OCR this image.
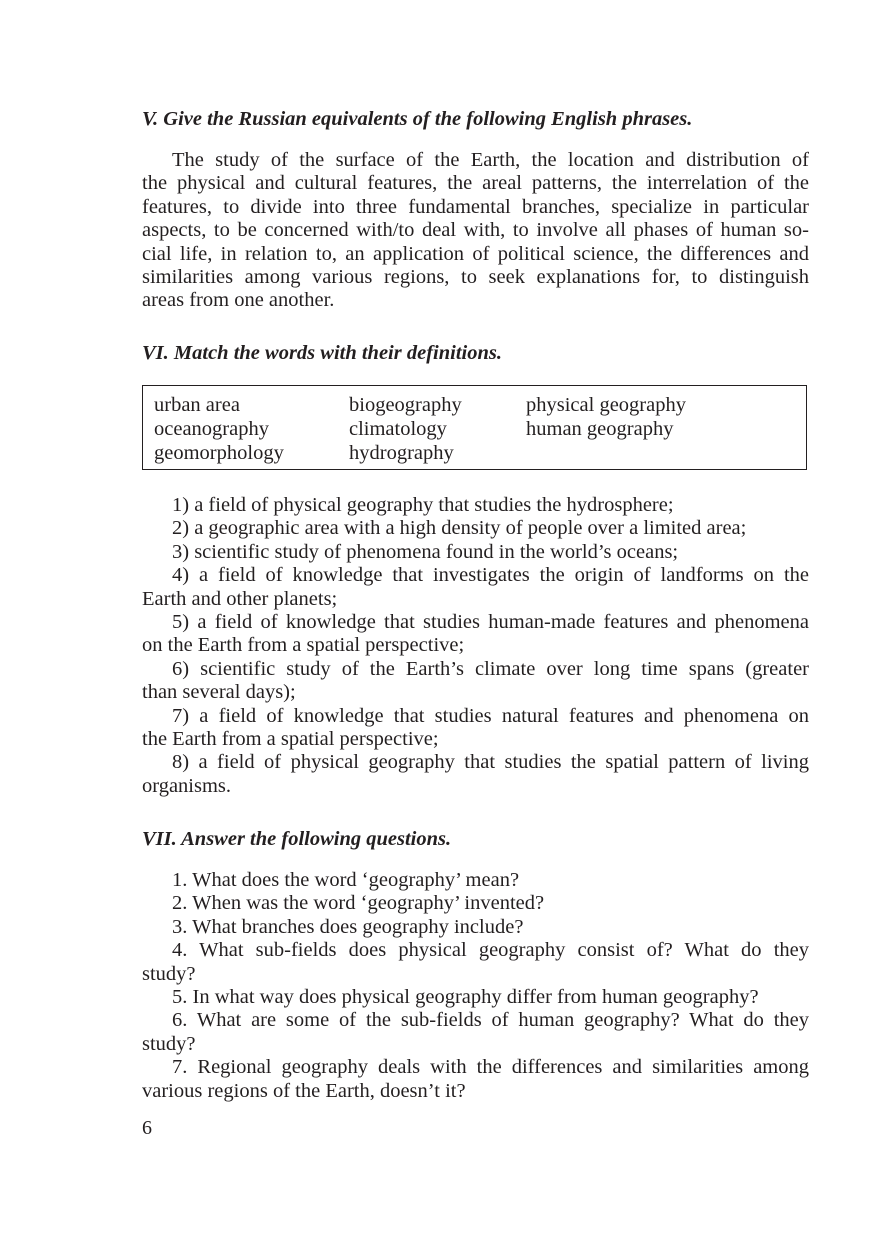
V. Give the Russian equivalents of the following English phrases.
The study of the surface of the Earth, the location and distribution of
the physical and cultural features, the areal patterns, the interrelation of the
features, to divide into three fundamental branches, specialize in particular
aspects, to be concerned with/to deal with, to involve all phases of human so-
cial life, in relation to, an application of political science, the differences and
similarities among various regions, to seek explanations for, to distinguish
areas from one another.
VI. Match the words with their definitions.
urban area
oceanography
geomorphology
biogeography
climatology
hydrography
physical geography
human geography
1) a field of physical geography that studies the hydrosphere;
2) a geographic area with a high density of people over a limited area;
3) scientific study of phenomena found in the world’s oceans;
4) a field of knowledge that investigates the origin of landforms on the
Earth and other planets;
5) a field of knowledge that studies human-made features and phenomena
on the Earth from a spatial perspective;
6) scientific study of the Earth’s climate over long time spans (greater
than several days);
7) a field of knowledge that studies natural features and phenomena on
the Earth from a spatial perspective;
8) a field of physical geography that studies the spatial pattern of living
organisms.
VII. Answer the following questions.
1. What does the word ‘geography’ mean?
2. When was the word ‘geography’ invented?
3. What branches does geography include?
4. What sub-fields does physical geography consist of? What do they
study?
5. In what way does physical geography differ from human geography?
6. What are some of the sub-fields of human geography? What do they
study?
7. Regional geography deals with the differences and similarities among
various regions of the Earth, doesn’t it?
6
